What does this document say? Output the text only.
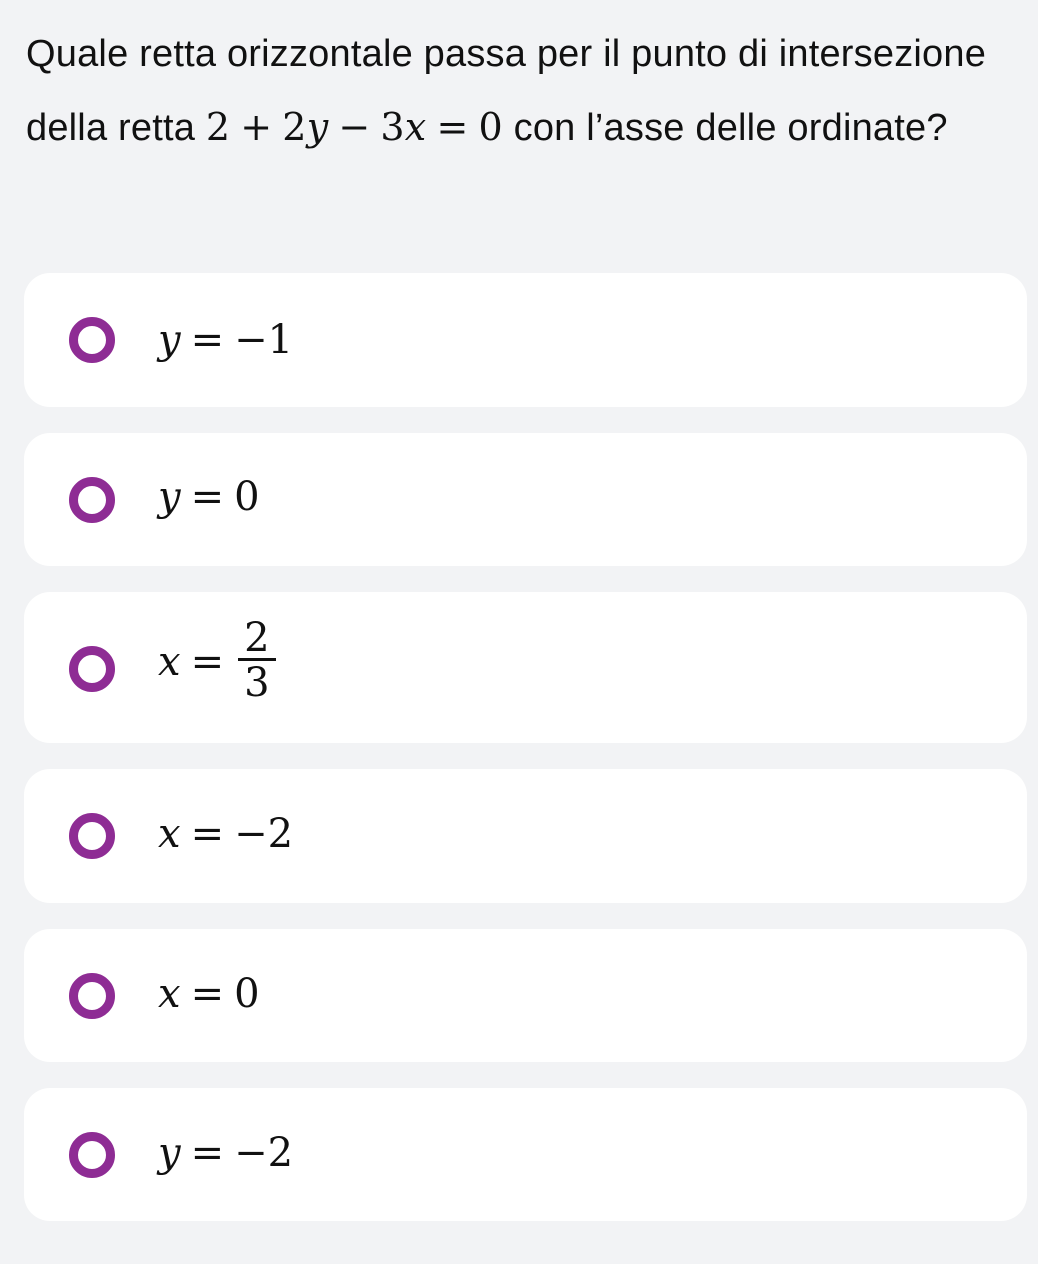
Quale retta orizzontale passa per il punto di intersezione della retta 2 + 2y − 3x = 0 con l’asse delle ordinate?
y = −1
y = 0
$x = \frac{2}{3}$
x = −2
x = 0
y = −2
